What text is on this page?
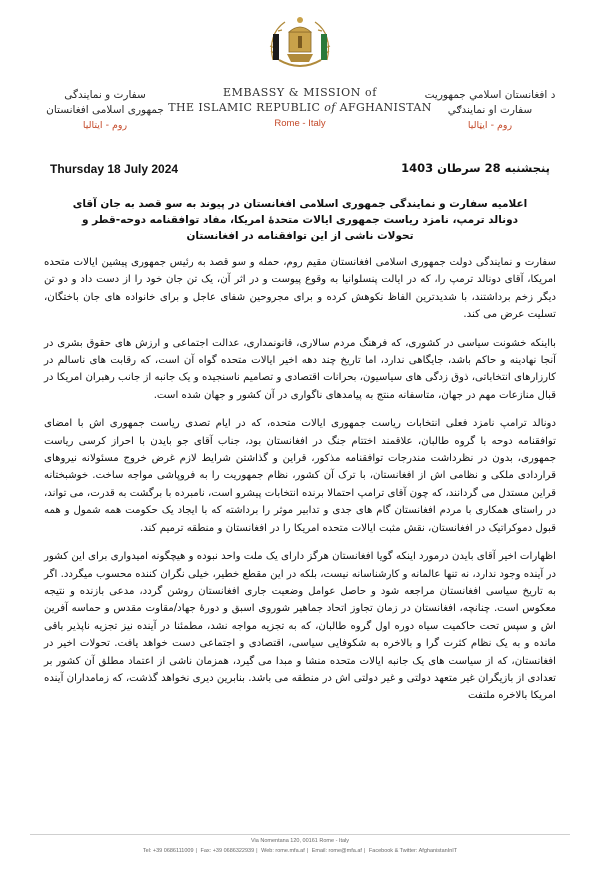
سفارت و نمایندگی
جمهوری اسلامی افغانستان
روم - ایتالیا
EMBASSY & MISSION of
THE ISLAMIC REPUBLIC of AFGHANISTAN
Rome - Italy
د افغانستان اسلامي جمهوریت
سفارت او نمایندګي
روم - ایټالیا
Thursday 18 July 2024	پنجشنبه 28 سرطان 1403
اعلامیه سفارت و نمایندگی جمهوری اسلامی افغانستان در پیوند به سو قصد به جان آقای دونالد ترمپ، نامزد ریاست جمهوری ایالات متحدهٔ امریکا، مفاد توافقنامه دوحه-قطر و تحولات ناشی از این توافقنامه در افغانستان

سفارت و نمایندگی دولت جمهوری اسلامی افغانستان مقیم روم، حمله و سو قصد به رئیس جمهوری پیشین ایالات متحده امریکا، آقای دونالد ترمپ را، که در ایالت پنسلوانیا به وقوع پیوست و در اثر آن، یک تن جان خود را از دست داد و دو تن دیگر زخم برداشتند، با شدیدترین الفاظ نکوهش کرده و برای مجروحین شفای عاجل و برای خانواده های جان باختگان، تسلیت عرض می کند.

بااینکه خشونت سیاسی در کشوری، که فرهنگ مردم سالاری، قانونمداری، عدالت اجتماعی و ارزش های حقوق بشری در آنجا نهادینه و حاکم باشد، جایگاهی ندارد، اما تاریخ چند دهه اخیر ایالات متحده گواه آن است، که رقابت های ناسالم در کارزارهای انتخاباتی، ذوق زدگی های سیاسیون، بحرانات اقتصادی و تصامیم ناسنجیده و یک جانبه از جانب رهبران امریکا در قبال منازعات مهم در جهان، متاسفانه منتج به پیامدهای ناگواری در آن کشور و جهان شده است.

دونالد ترامپ نامزد فعلی انتخابات ریاست جمهوری ایالات متحده، که در ایام تصدی ریاست جمهوری اش با امضای توافقنامه دوحه با گروه طالبان، علاقمند اختتام جنگ در افغانستان بود، جناب آقای جو بایدن با احراز کرسی ریاست جمهوری، بدون در نظرداشت مندرجات توافقنامه مذکور، قراین و گذاشتن شرایط لازم غرض خروج مسئولانه نیروهای قراردادی ملکی و نظامی اش از افغانستان، با ترک آن کشور، نظام جمهوریت را به فروپاشی مواجه ساخت. خوشبختانه قراین مستدل می گردانند، که چون آقای ترامپ احتمالا برنده انتخابات پیشرو است، نامبرده با برگشت به قدرت، می تواند، در راستای همکاری با مردم افغانستان گام های جدی و تدابیر موثر را برداشته که با ایجاد یک حکومت همه شمول و همه قبول دموکراتیک در افغانستان، نقش مثبت ایالات متحده امریکا را در افغانستان و منطقه ترمیم کند.

اظهارات اخیر آقای بایدن درمورد اینکه گویا افغانستان هرگز دارای یک ملت واحد نبوده و هیچگونه امیدواری برای این کشور در آینده وجود ندارد، نه تنها عالمانه و کارشناسانه نیست، بلکه در این مقطع خطیر، خیلی نگران کننده محسوب میگردد. اگر به تاریخ سیاسی افغانستان مراجعه شود و حاصل عوامل وضعیت جاری افغانستان روشن گردد، مدعی بازنده و نتیجه معکوس است. چنانچه، افغانستان در زمان تجاوز اتحاد جماهیر شوروی اسبق و دورهٔ جهاد/مقاوت مقدس و حماسه آفرین اش و سپس تحت حاکمیت سیاه دوره اول گروه طالبان، که به تجزیه مواجه نشد، مطمئنا در آینده نیز تجزیه ناپذیر باقی مانده و به یک نظام کثرت گرا و بالاخره به شکوفایی سیاسی، اقتصادی و اجتماعی دست خواهد یافت. تحولات اخیر در افغانستان، که از سیاست های یک جانبه ایالات متحده منشا و مبدا می گیرد، همزمان ناشی از اعتماد مطلق آن کشور بر تعدادی از بازیگران غیر متعهد دولتی و غیر دولتی اش در منطقه می باشد. بنابرین دیری نخواهد گذشت، که زمامداران آینده امریکا بالاخره ملتفت

Via Nomentana 120, 00161 Rome - Italy
Tel: +39 0686111009 | Fax: +39 0686322939 | Web: rome.mfa.af | Email: rome@mfa.af | Facebook & Twitter: AfghanistanInIT
